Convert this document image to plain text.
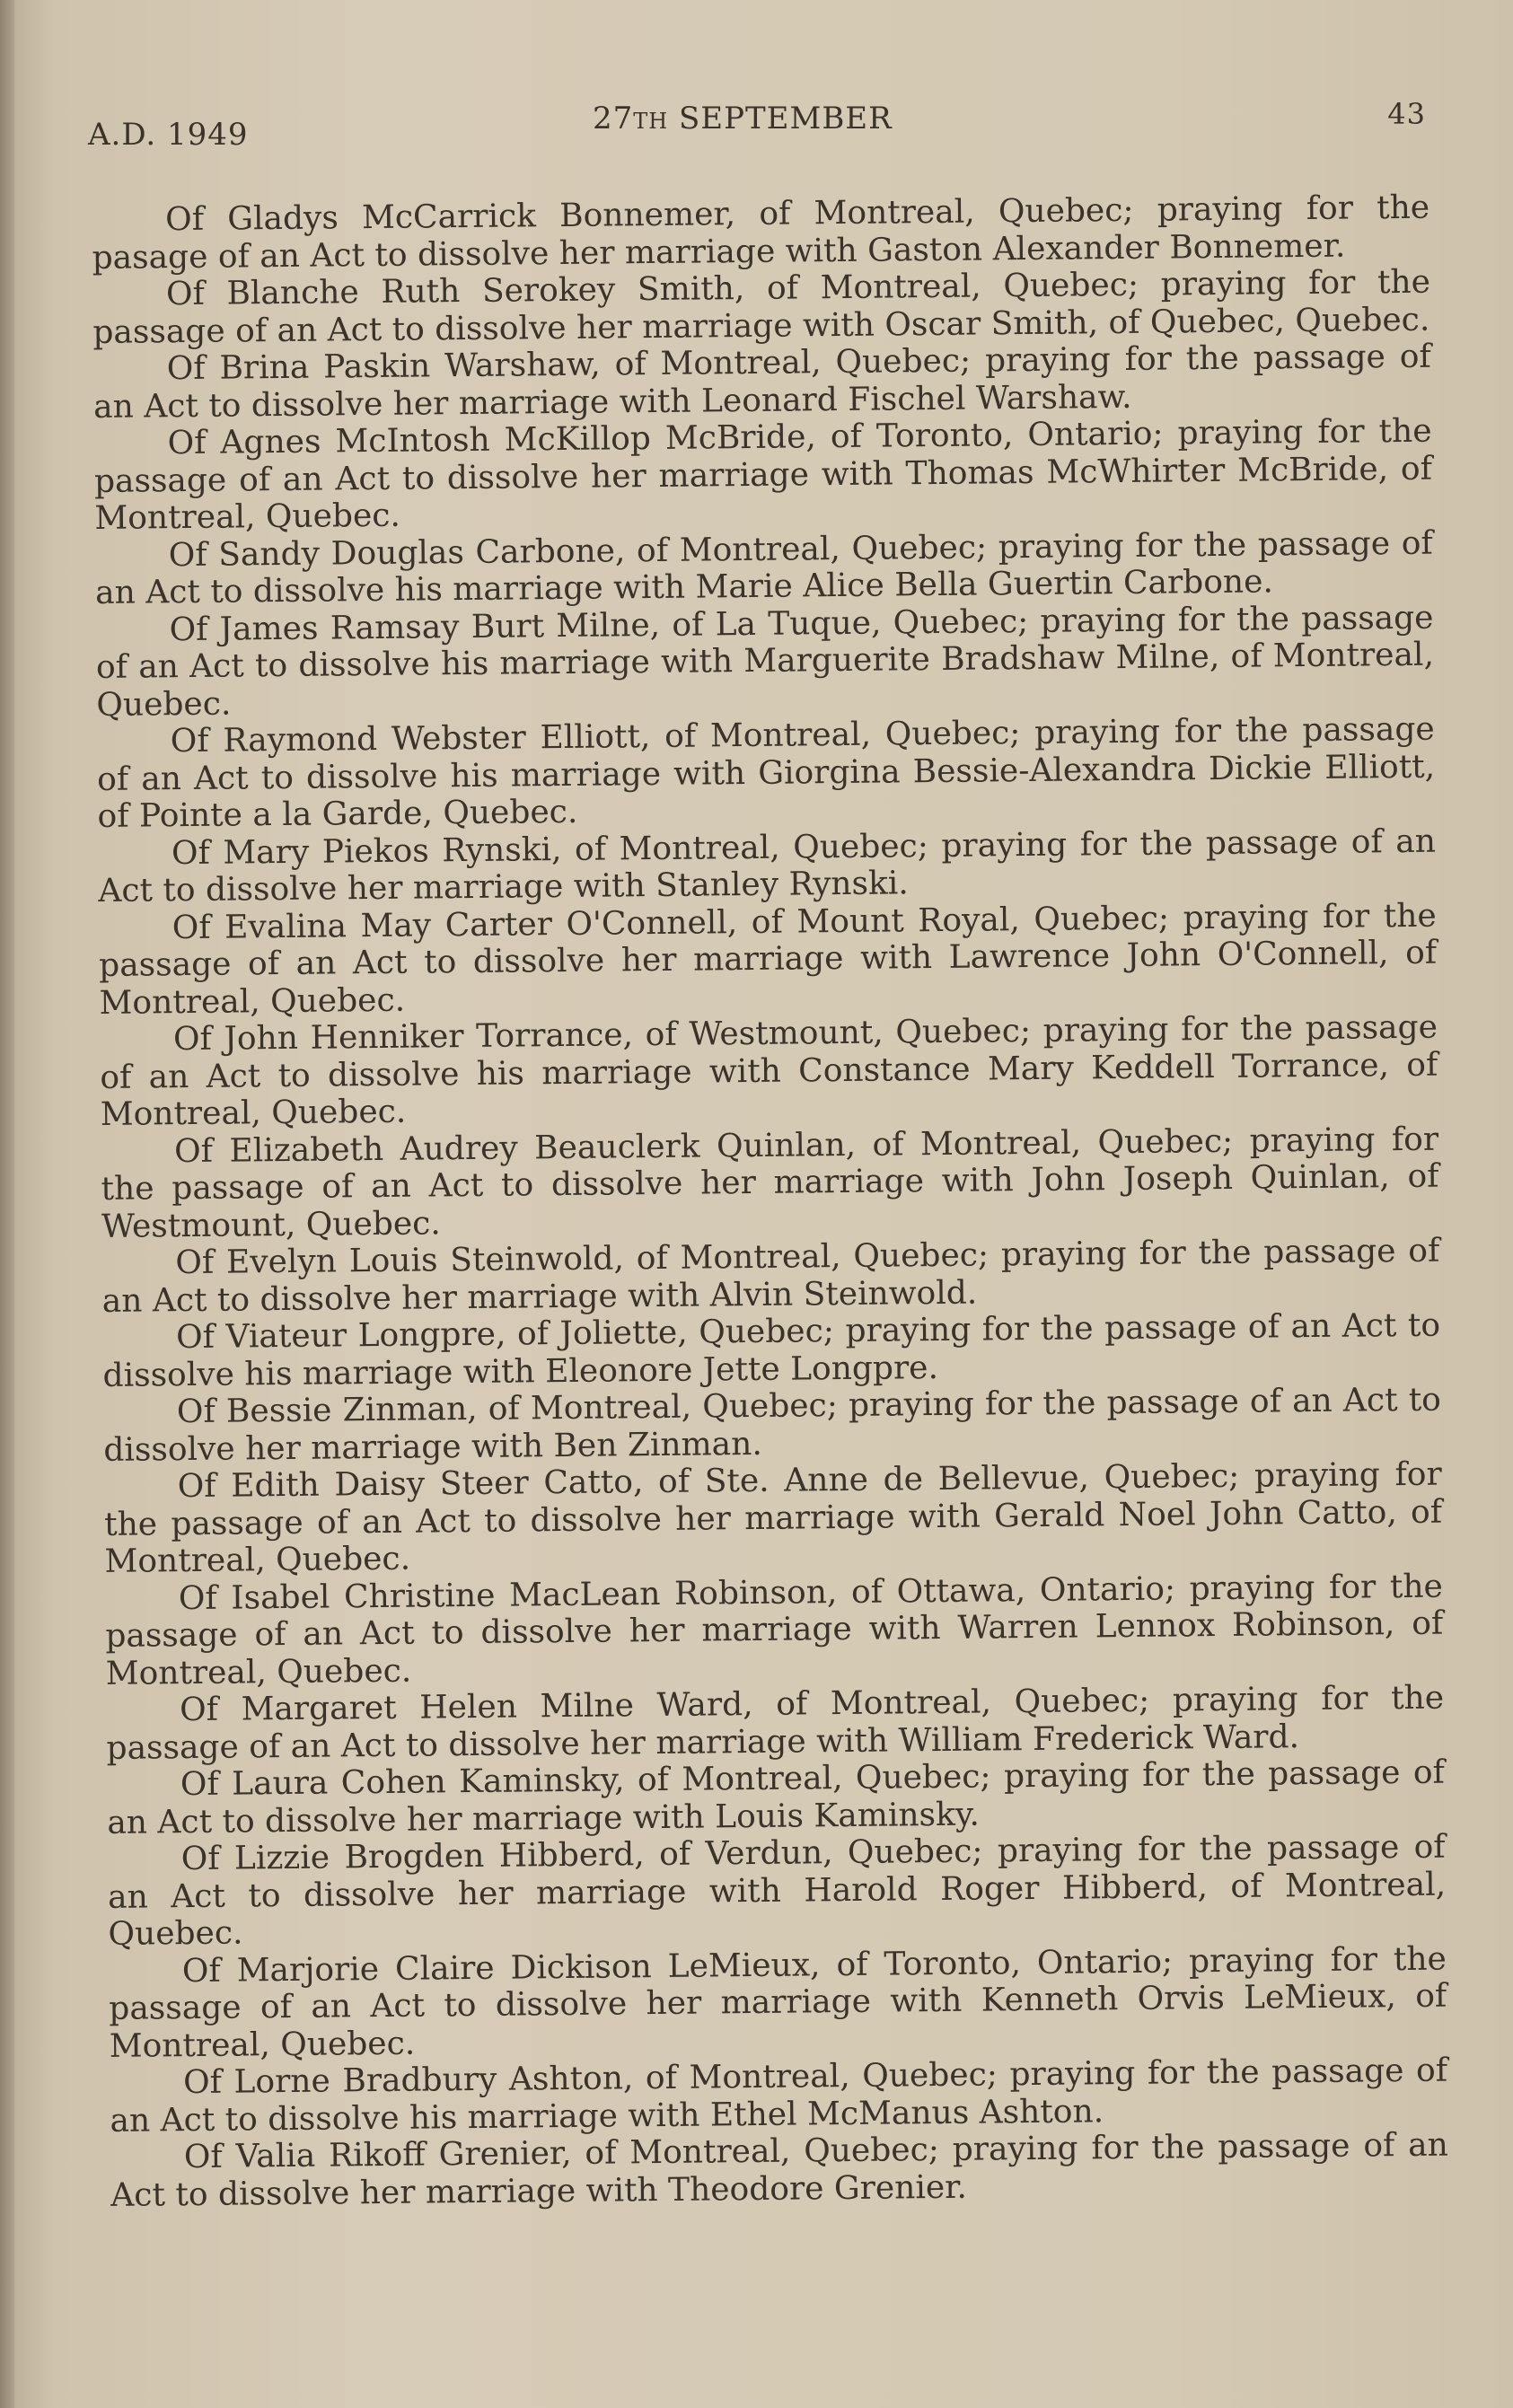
A.D. 1949	27TH SEPTEMBER	43

Of Gladys McCarrick Bonnemer, of Montreal, Quebec; praying for the pasage of an Act to dissolve her marriage with Gaston Alexander Bonnemer.

Of Blanche Ruth Serokey Smith, of Montreal, Quebec; praying for the passage of an Act to dissolve her marriage with Oscar Smith, of Quebec, Quebec.

Of Brina Paskin Warshaw, of Montreal, Quebec; praying for the passage of an Act to dissolve her marriage with Leonard Fischel Warshaw.

Of Agnes McIntosh McKillop McBride, of Toronto, Ontario; praying for the passage of an Act to dissolve her marriage with Thomas McWhirter McBride, of Montreal, Quebec.

Of Sandy Douglas Carbone, of Montreal, Quebec; praying for the passage of an Act to dissolve his marriage with Marie Alice Bella Guertin Carbone.

Of James Ramsay Burt Milne, of La Tuque, Quebec; praying for the passage of an Act to dissolve his marriage with Marguerite Bradshaw Milne, of Montreal, Quebec.

Of Raymond Webster Elliott, of Montreal, Quebec; praying for the passage of an Act to dissolve his marriage with Giorgina Bessie-Alexandra Dickie Elliott, of Pointe a la Garde, Quebec.

Of Mary Piekos Rynski, of Montreal, Quebec; praying for the passage of an Act to dissolve her marriage with Stanley Rynski.

Of Evalina May Carter O'Connell, of Mount Royal, Quebec; praying for the passage of an Act to dissolve her marriage with Lawrence John O'Connell, of Montreal, Quebec.

Of John Henniker Torrance, of Westmount, Quebec; praying for the passage of an Act to dissolve his marriage with Constance Mary Keddell Torrance, of Montreal, Quebec.

Of Elizabeth Audrey Beauclerk Quinlan, of Montreal, Quebec; praying for the passage of an Act to dissolve her marriage with John Joseph Quinlan, of Westmount, Quebec.

Of Evelyn Louis Steinwold, of Montreal, Quebec; praying for the passage of an Act to dissolve her marriage with Alvin Steinwold.

Of Viateur Longpre, of Joliette, Quebec; praying for the passage of an Act to dissolve his marriage with Eleonore Jette Longpre.

Of Bessie Zinman, of Montreal, Quebec; praying for the passage of an Act to dissolve her marriage with Ben Zinman.

Of Edith Daisy Steer Catto, of Ste. Anne de Bellevue, Quebec; praying for the passage of an Act to dissolve her marriage with Gerald Noel John Catto, of Montreal, Quebec.

Of Isabel Christine MacLean Robinson, of Ottawa, Ontario; praying for the passage of an Act to dissolve her marriage with Warren Lennox Robinson, of Montreal, Quebec.

Of Margaret Helen Milne Ward, of Montreal, Quebec; praying for the passage of an Act to dissolve her marriage with William Frederick Ward.

Of Laura Cohen Kaminsky, of Montreal, Quebec; praying for the passage of an Act to dissolve her marriage with Louis Kaminsky.

Of Lizzie Brogden Hibberd, of Verdun, Quebec; praying for the passage of an Act to dissolve her marriage with Harold Roger Hibberd, of Montreal, Quebec.

Of Marjorie Claire Dickison LeMieux, of Toronto, Ontario; praying for the passage of an Act to dissolve her marriage with Kenneth Orvis LeMieux, of Montreal, Quebec.

Of Lorne Bradbury Ashton, of Montreal, Quebec; praying for the passage of an Act to dissolve his marriage with Ethel McManus Ashton.

Of Valia Rikoff Grenier, of Montreal, Quebec; praying for the passage of an Act to dissolve her marriage with Theodore Grenier.
